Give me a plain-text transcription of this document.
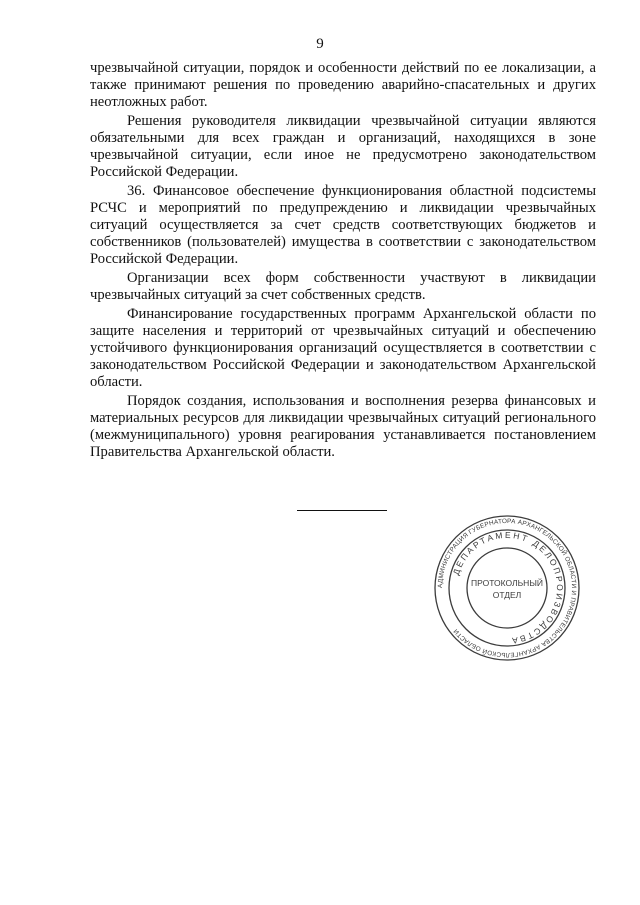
9

чрезвычайной ситуации, порядок и особенности действий по ее локализации, а также принимают решения по проведению аварийно-спасательных и других неотложных работ.

Решения руководителя ликвидации чрезвычайной ситуации являются обязательными для всех граждан и организаций, находящихся в зоне чрезвычайной ситуации, если иное не предусмотрено законодательством Российской Федерации.

36. Финансовое обеспечение функционирования областной подсистемы РСЧС и мероприятий по предупреждению и ликвидации чрезвычайных ситуаций осуществляется за счет средств соответствующих бюджетов и собственников (пользователей) имущества в соответствии с законодательством Российской Федерации.

Организации всех форм собственности участвуют в ликвидации чрезвычайных ситуаций за счет собственных средств.

Финансирование государственных программ Архангельской области по защите населения и территорий от чрезвычайных ситуаций и обеспечению устойчивого функционирования организаций осуществляется в соответствии с законодательством Российской Федерации и законодательством Архангельской области.

Порядок создания, использования и восполнения резерва финансовых и материальных ресурсов для ликвидации чрезвычайных ситуаций регионального (межмуниципального) уровня реагирования устанавливается постановлением Правительства Архангельской области.

АДМИНИСТРАЦИЯ ГУБЕРНАТОРА АРХАНГЕЛЬСКОЙ ОБЛАСТИ И ПРАВИТЕЛЬСТВА АРХАНГЕЛЬСКОЙ ОБЛАСТИ
ДЕПАРТАМЕНТ ДЕЛОПРОИЗВОДСТВА
ПРОТОКОЛЬНЫЙ
ОТДЕЛ
